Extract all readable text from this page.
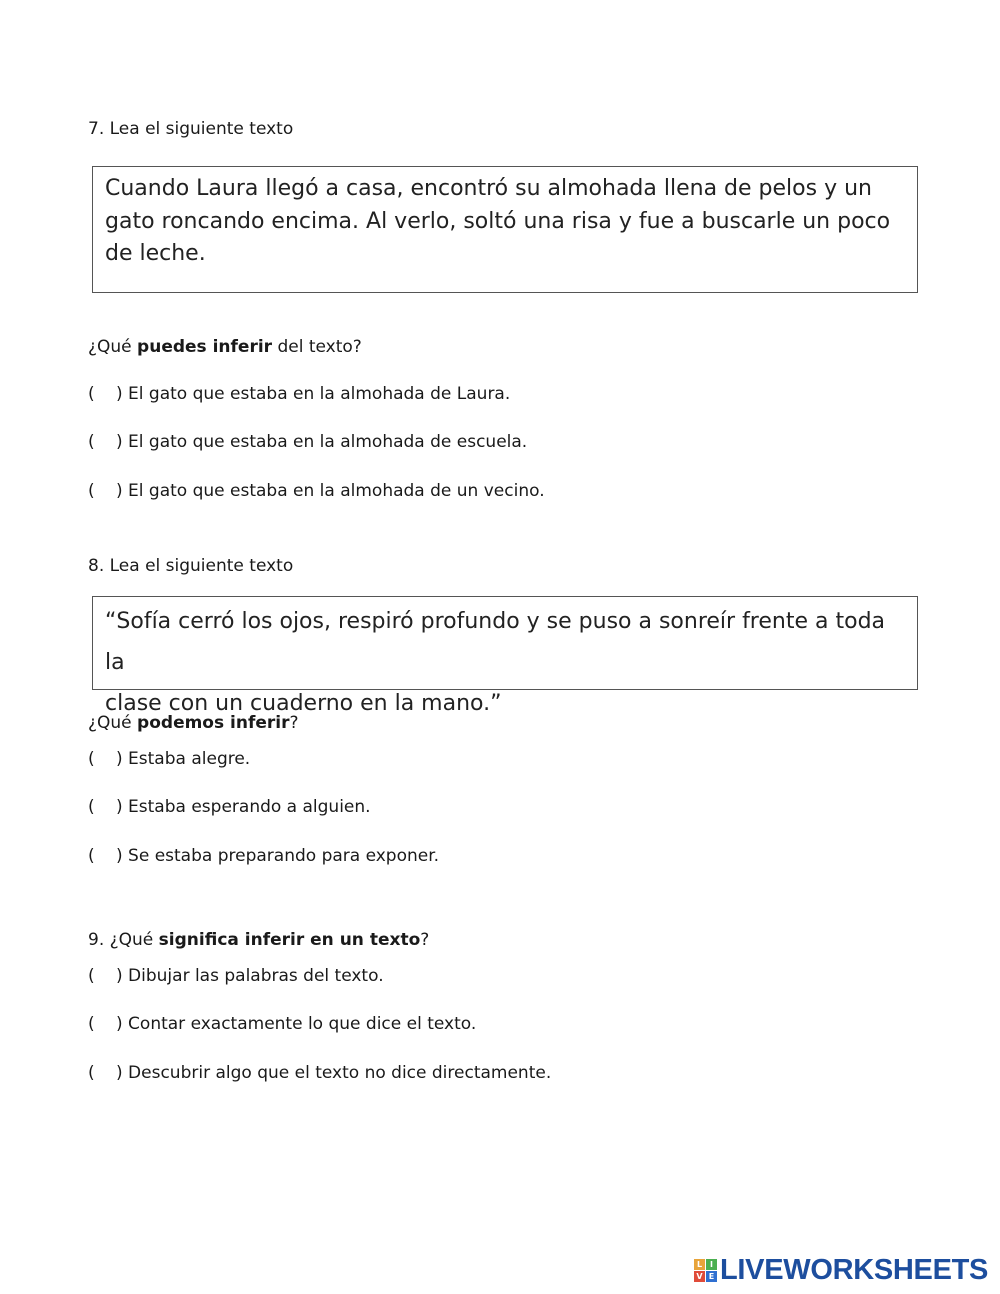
7. Lea el siguiente texto
Cuando Laura llegó a casa, encontró su almohada llena de pelos y un
gato roncando encima. Al verlo, soltó una risa y fue a buscarle un poco
de leche.
¿Qué puedes inferir del texto?
( ) El gato que estaba en la almohada de Laura.
( ) El gato que estaba en la almohada de escuela.
( ) El gato que estaba en la almohada de un vecino.
8. Lea el siguiente texto
“Sofía cerró los ojos, respiró profundo y se puso a sonreír frente a toda la
clase con un cuaderno en la mano.”
¿Qué podemos inferir?
( ) Estaba alegre.
( ) Estaba esperando a alguien.
( ) Se estaba preparando para exponer.
9. ¿Qué significa inferir en un texto?
( ) Dibujar las palabras del texto.
( ) Contar exactamente lo que dice el texto.
( ) Descubrir algo que el texto no dice directamente.
L I
V E LIVEWORKSHEETS
